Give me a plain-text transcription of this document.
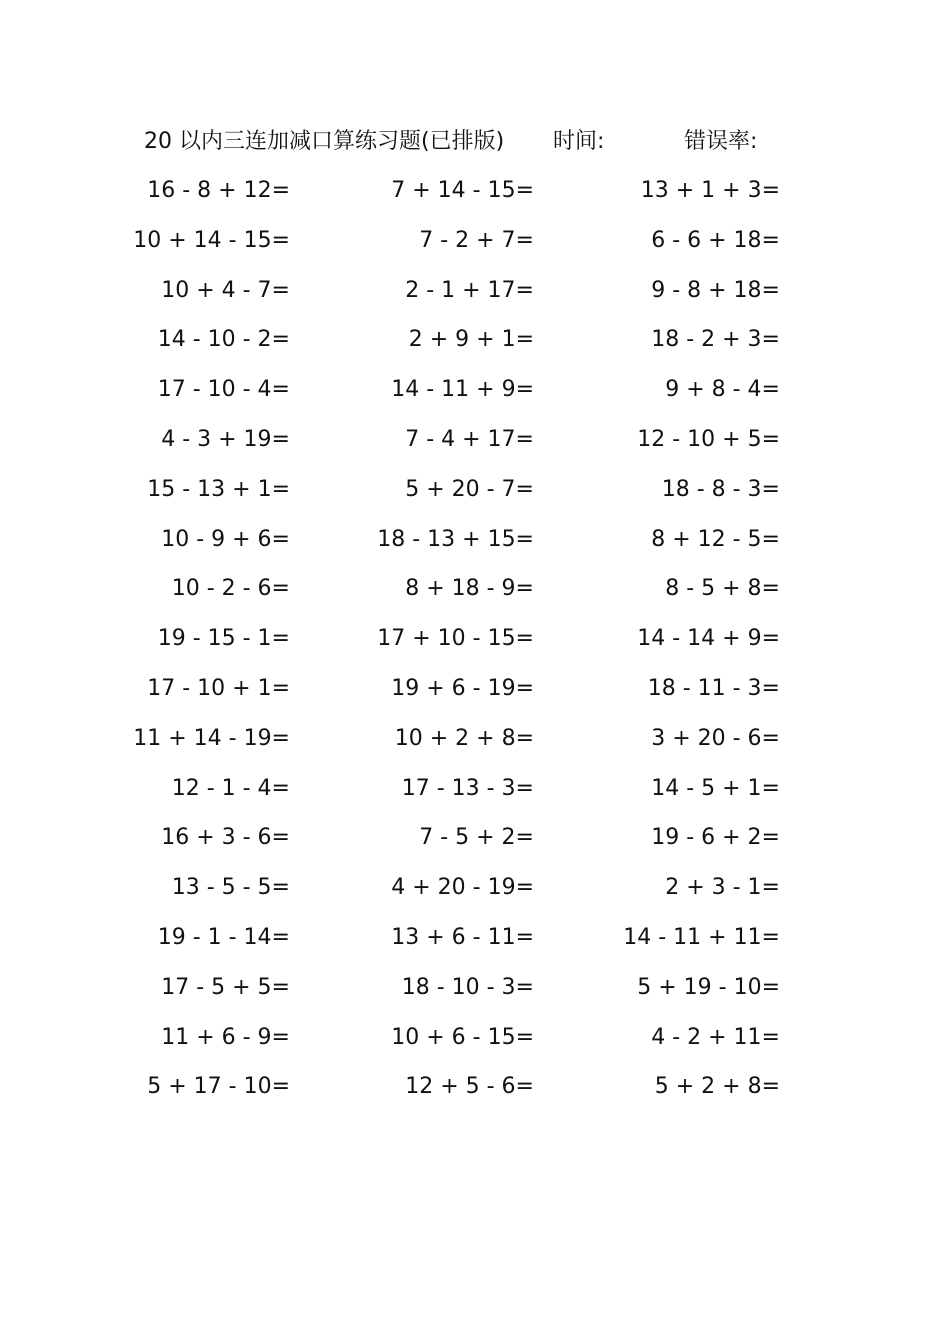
20 以内三连加减口算练习题(已排版) 时间:	错误率:
16 - 8 + 12=	7 + 14 - 15=	13 + 1 + 3=
10 + 14 - 15=	7 - 2 + 7=	6 - 6 + 18=
10 + 4 - 7=	2 - 1 + 17=	9 - 8 + 18=
14 - 10 - 2=	2 + 9 + 1=	18 - 2 + 3=
17 - 10 - 4=	14 - 11 + 9=	9 + 8 - 4=
4 - 3 + 19=	7 - 4 + 17=	12 - 10 + 5=
15 - 13 + 1=	5 + 20 - 7=	18 - 8 - 3=
10 - 9 + 6=	18 - 13 + 15=	8 + 12 - 5=
10 - 2 - 6=	8 + 18 - 9=	8 - 5 + 8=
19 - 15 - 1=	17 + 10 - 15=	14 - 14 + 9=
17 - 10 + 1=	19 + 6 - 19=	18 - 11 - 3=
11 + 14 - 19=	10 + 2 + 8=	3 + 20 - 6=
12 - 1 - 4=	17 - 13 - 3=	14 - 5 + 1=
16 + 3 - 6=	7 - 5 + 2=	19 - 6 + 2=
13 - 5 - 5=	4 + 20 - 19=	2 + 3 - 1=
19 - 1 - 14=	13 + 6 - 11=	14 - 11 + 11=
17 - 5 + 5=	18 - 10 - 3=	5 + 19 - 10=
11 + 6 - 9=	10 + 6 - 15=	4 - 2 + 11=
5 + 17 - 10=	12 + 5 - 6=	5 + 2 + 8=
